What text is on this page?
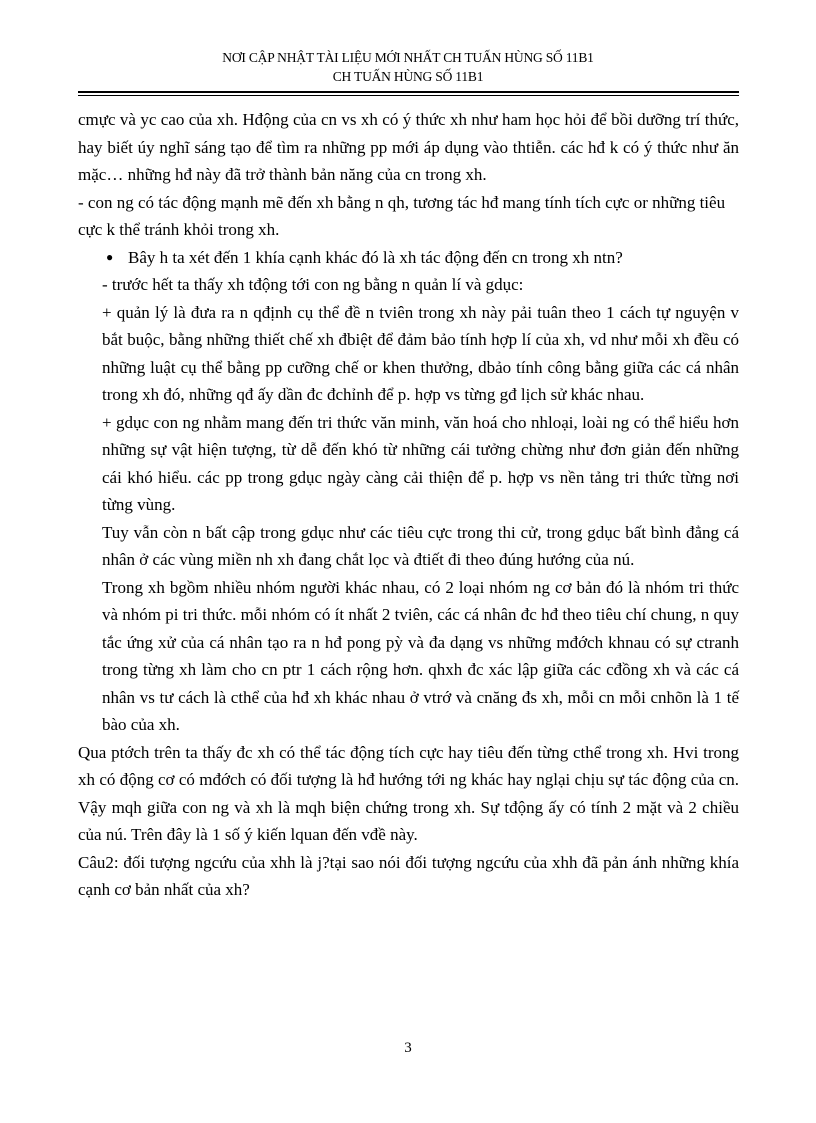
NƠI CẬP NHẬT TÀI LIỆU MỚI NHẤT CH TUẤN HÙNG SỐ 11B1
CH TUẤN HÙNG SỐ 11B1

cmực và yc cao của xh. Hđộng của cn vs xh có ý thức xh như ham học hỏi để bồi dưỡng trí thức, hay biết úy nghĩ sáng tạo để tìm ra những pp mới áp dụng vào thtiễn. các hđ k có ý thức như ăn mặc… những hđ này đã trở thành bản năng của cn trong xh.

- con ng có tác động mạnh mẽ đến xh bằng n qh, tương tác hđ mang tính tích cực or những tiêu cực k thể tránh khỏi trong xh.

● Bây h ta xét đến 1 khía cạnh khác đó là xh tác động đến cn trong xh ntn?

- trước hết ta thấy xh tđộng tới con ng bằng n quản lí và gdục:

+ quản lý là đưa ra n qđịnh cụ thể đề n tviên trong xh này pải tuân theo 1 cách tự nguyện v bắt buộc, bằng những thiết chế xh đbiệt để đảm bảo tính hợp lí của xh, vd như mỗi xh đều có những luật cụ thể bằng pp cưỡng chế or khen thưởng, dbảo tính công bằng giữa các cá nhân trong xh đó, những qđ ấy dần đc đchỉnh để p. hợp vs từng gđ lịch sử khác nhau.

+ gdục con ng nhằm mang đến tri thức văn minh, văn hoá cho nhloại, loài ng có thể hiểu hơn những sự vật hiện tượng, từ dễ đến khó từ những cái tưởng chừng như đơn giản đến những cái khó hiểu. các pp trong gdục ngày càng cải thiện để p. hợp vs nền tảng tri thức từng nơi từng vùng.

Tuy vẫn còn n bất cập trong gdục như các tiêu cực trong thi cử, trong gdục bất bình đẳng cá nhân ở các vùng miền nh xh đang chắt lọc và đtiết đi theo đúng hướng của nú.

Trong xh bgồm nhiều nhóm người khác nhau, có 2 loại nhóm ng cơ bản đó là nhóm tri thức và nhóm pi tri thức. mỗi nhóm có ít nhất 2 tviên, các cá nhân đc hđ theo tiêu chí chung, n quy tắc ứng xử của cá nhân tạo ra n hđ pong pỳ và đa dạng vs những mđớch khnau có sự ctranh trong từng xh làm cho cn ptr 1 cách rộng hơn. qhxh đc xác lập giữa các cđồng xh và các cá nhân vs tư cách là cthể của hđ xh khác nhau ở vtrớ và cnăng đs xh, mỗi cn mỗi cnhõn là 1 tế bào của xh.

Qua ptớch trên ta thấy đc xh có thể tác động tích cực hay tiêu đến từng cthể trong xh. Hvi trong xh có động cơ có mđớch có đối tượng là hđ hướng tới ng khác hay nglại chịu sự tác động của cn. Vậy mqh giữa con ng và xh là mqh biện chứng trong xh. Sự tđộng ấy có tính 2 mặt và 2 chiều của nú. Trên đây là 1 số ý kiến lquan đến vđề này.

Câu2: đối tượng ngcứu của xhh là j?tại sao nói đối tượng ngcứu của xhh đã pản ánh những khía cạnh cơ bản nhất của xh?

3
